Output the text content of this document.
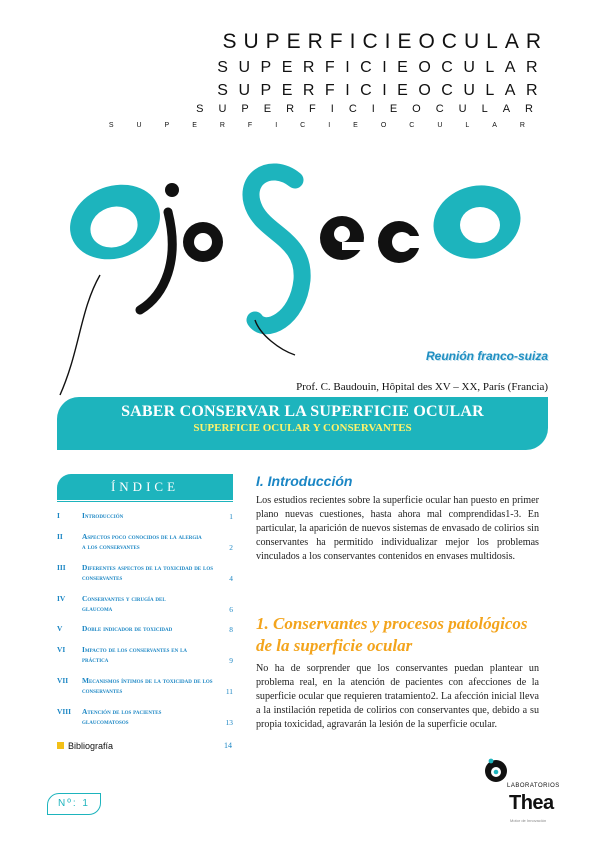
SUPERFICIEOCULAR
SUPERFICIEOCULAR
SUPERFICIEOCULAR
SUPERFICIEOCULAR
SUPERFICIEOCULAR
Reunión franco-suiza
Prof. C. Baudouin, Hôpital des XV – XX, París (Francia)
SABER CONSERVAR LA SUPERFICIE OCULAR
SUPERFICIE OCULAR Y CONSERVANTES
ÍNDICE
I	Introducción	1
II	Aspectos poco conocidos de la alergia a los conservantes	2
III Diferentes aspectos de la toxicidad de los conservantes	4
IV Conservantes y cirugía del glaucoma	6
V	Doble indicador de toxicidad	8
VI Impacto de los conservantes en la práctica	9
VII Mecanismos íntimos de la toxicidad de los conservantes	11
VIII Atención de los pacientes glaucomatosos	13
Bibliografía	14
I. Introducción
Los estudios recientes sobre la superficie ocular han puesto en primer plano nuevas cuestiones, hasta ahora mal comprendidas1-3. En particular, la aparición de nuevos sistemas de envasado de colirios sin conservantes ha permitido individualizar mejor los problemas vinculados a los conservantes contenidos en envases multidosis.
1. Conservantes y procesos patológicos de la superficie ocular
No ha de sorprender que los conservantes puedan plantear un problema real, en la atención de pacientes con afecciones de la superficie ocular que requieren tratamiento2. La afección inicial lleva a la instilación repetida de colirios con conservantes que, debido a su propia toxicidad, agravarán la lesión de la superficie ocular.
Nº: 1
LABORATORIOS
Thea
Motor de Innovación
